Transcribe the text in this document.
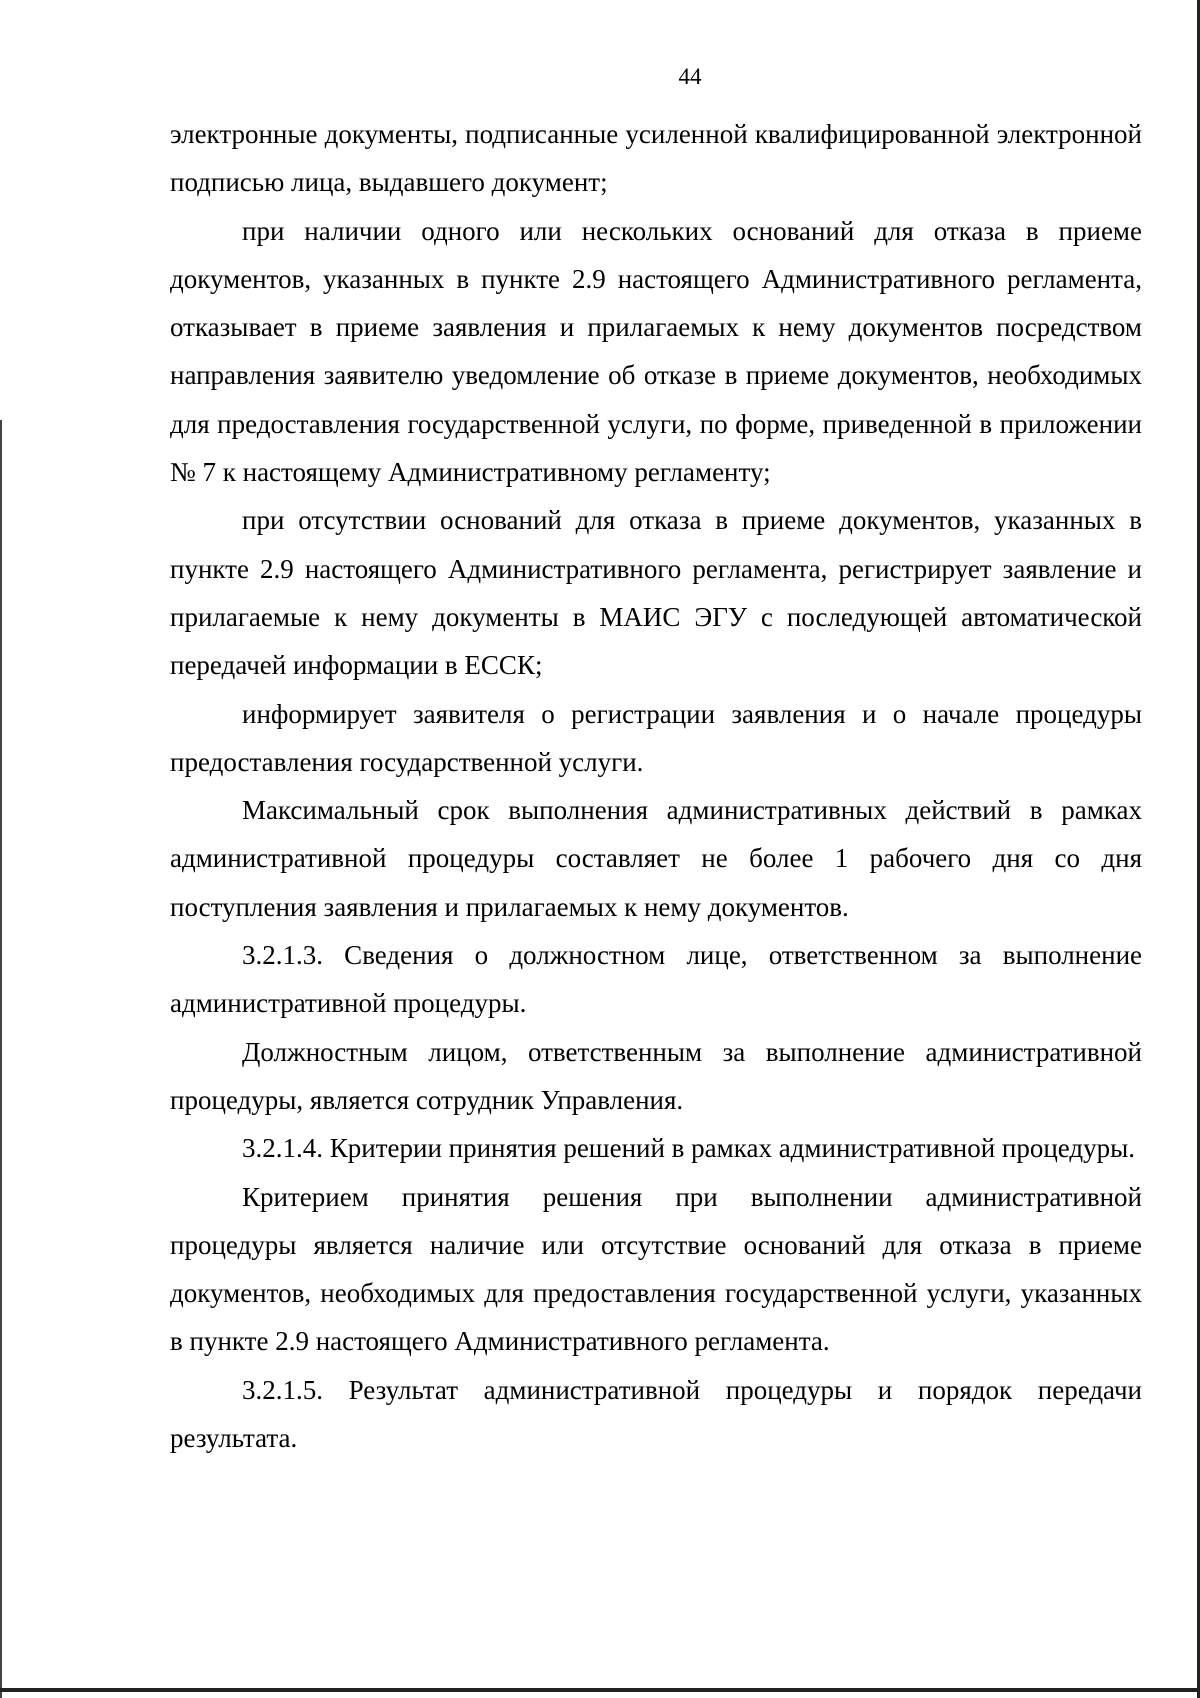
44

электронные документы, подписанные усиленной квалифицированной электронной подписью лица, выдавшего документ;

при наличии одного или нескольких оснований для отказа в приеме документов, указанных в пункте 2.9 настоящего Административного регламента, отказывает в приеме заявления и прилагаемых к нему документов посредством направления заявителю уведомление об отказе в приеме документов, необходимых для предоставления государственной услуги, по форме, приведенной в приложении № 7 к настоящему Административному регламенту;

при отсутствии оснований для отказа в приеме документов, указанных в пункте 2.9 настоящего Административного регламента, регистрирует заявление и прилагаемые к нему документы в МАИС ЭГУ с последующей автоматической передачей информации в ЕССК;

информирует заявителя о регистрации заявления и о начале процедуры предоставления государственной услуги.

Максимальный срок выполнения административных действий в рамках административной процедуры составляет не более 1 рабочего дня со дня поступления заявления и прилагаемых к нему документов.

3.2.1.3. Сведения о должностном лице, ответственном за выполнение административной процедуры.

Должностным лицом, ответственным за выполнение административной процедуры, является сотрудник Управления.

3.2.1.4. Критерии принятия решений в рамках административной процедуры.

Критерием принятия решения при выполнении административной процедуры является наличие или отсутствие оснований для отказа в приеме документов, необходимых для предоставления государственной услуги, указанных в пункте 2.9 настоящего Административного регламента.

3.2.1.5. Результат административной процедуры и порядок передачи результата.
